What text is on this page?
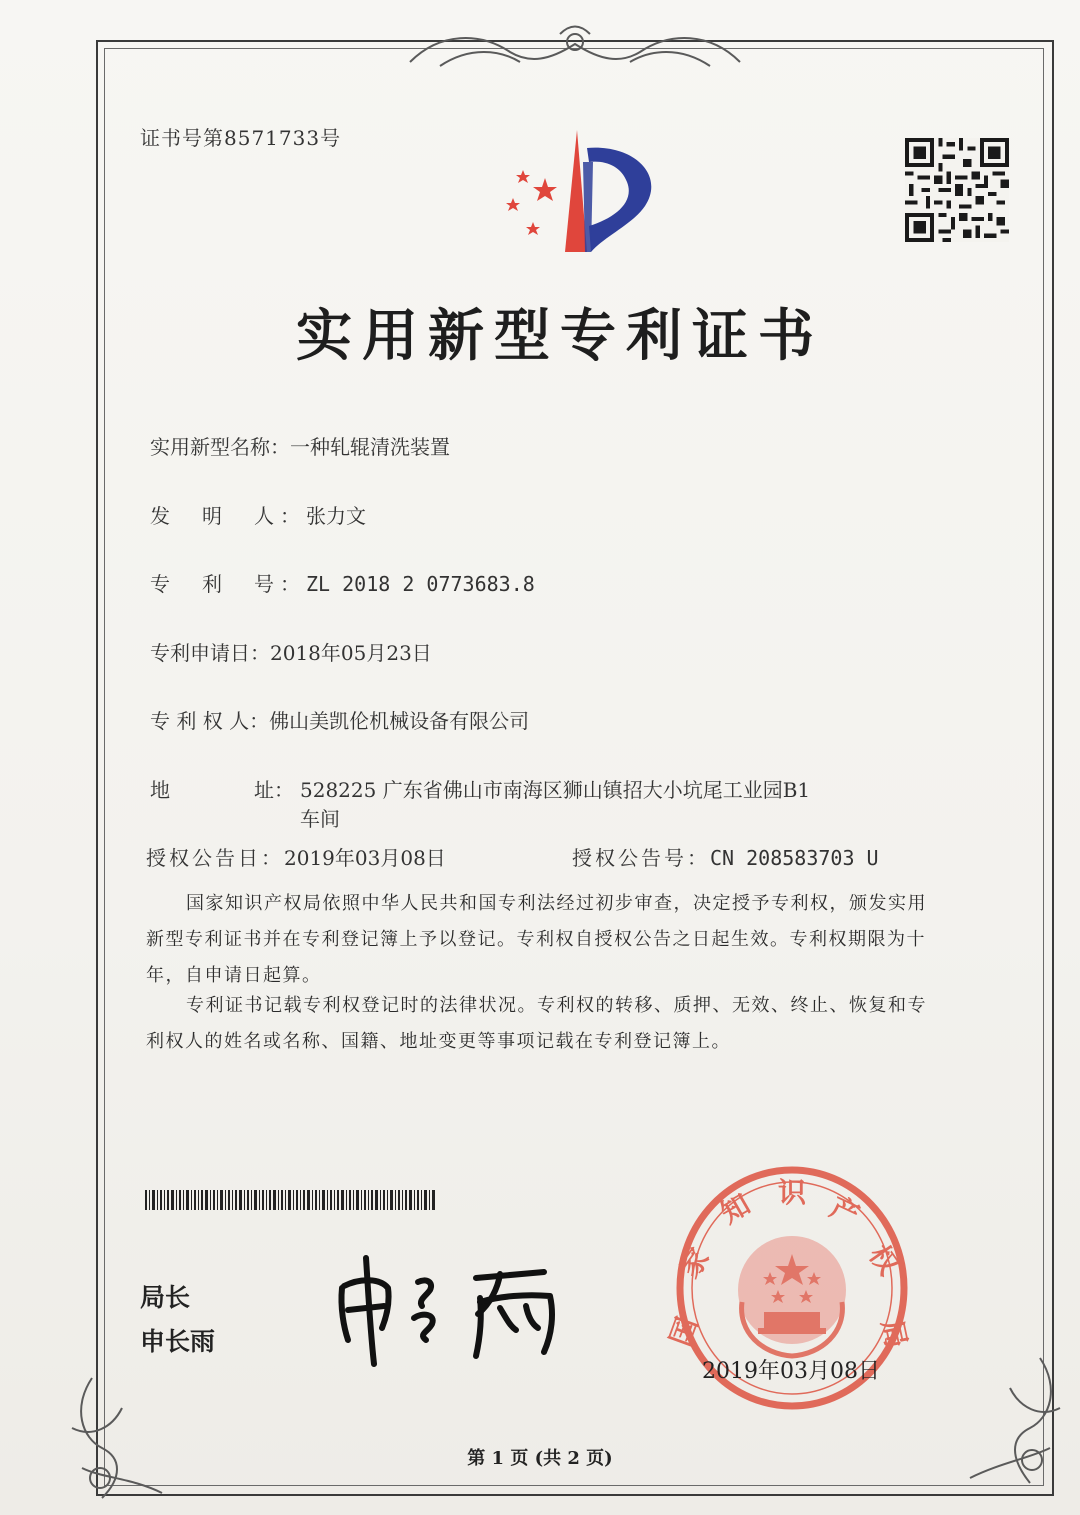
证书号第8571733号
实用新型专利证书
实用新型名称：一种轧辊清洗装置
发　明　人：张力文
专　利　号：ZL 2018 2 0773683.8
专利申请日：2018年05月23日
专 利 权 人：佛山美凯伦机械设备有限公司
地	址： 528225 广东省佛山市南海区狮山镇招大小坑尾工业园B1
车间
授权公告日：2019年03月08日	授权公告号：CN 208583703 U
国家知识产权局依照中华人民共和国专利法经过初步审查，决定授予专利权，颁发实用
新型专利证书并在专利登记簿上予以登记。专利权自授权公告之日起生效。专利权期限为十
年，自申请日起算。
专利证书记载专利权登记时的法律状况。专利权的转移、质押、无效、终止、恢复和专
利权人的姓名或名称、国籍、地址变更等事项记载在专利登记簿上。
局长
申长雨	国
家
知 识 产
权
局
2019年03月08日
第 1 页 (共 2 页)
